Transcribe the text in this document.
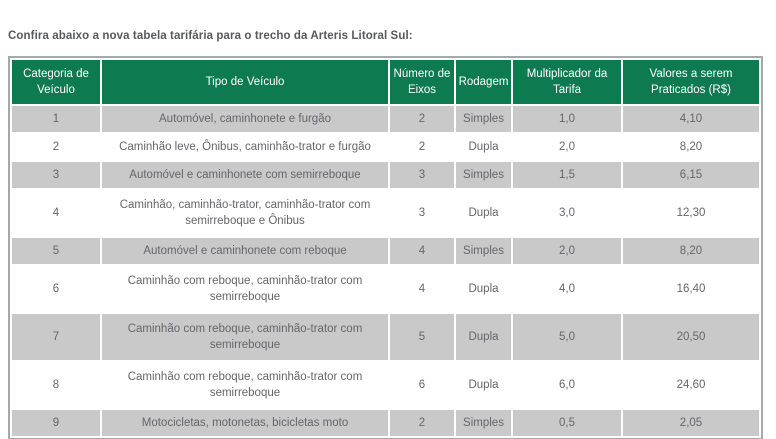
Confira abaixo a nova tabela tarifária para o trecho da Arteris Litoral Sul:

Categoria de Veículo	Tipo de Veículo	Número de Eixos	Rodagem	Multiplicador da Tarifa	Valores a serem Praticados (R$)
1	Automóvel, caminhonete e furgão	2	Simples	1,0	4,10
2	Caminhão leve, Ônibus, caminhão-trator e furgão	2	Dupla	2,0	8,20
3	Automóvel e caminhonete com semirreboque	3	Simples	1,5	6,15
4	Caminhão, caminhão-trator, caminhão-trator com semirreboque e Ônibus	3	Dupla	3,0	12,30
5	Automóvel e caminhonete com reboque	4	Simples	2,0	8,20
6	Caminhão com reboque, caminhão-trator com semirreboque	4	Dupla	4,0	16,40
7	Caminhão com reboque, caminhão-trator com semirreboque	5	Dupla	5,0	20,50
8	Caminhão com reboque, caminhão-trator com semirreboque	6	Dupla	6,0	24,60
9	Motocicletas, motonetas, bicicletas moto	2	Simples	0,5	2,05
